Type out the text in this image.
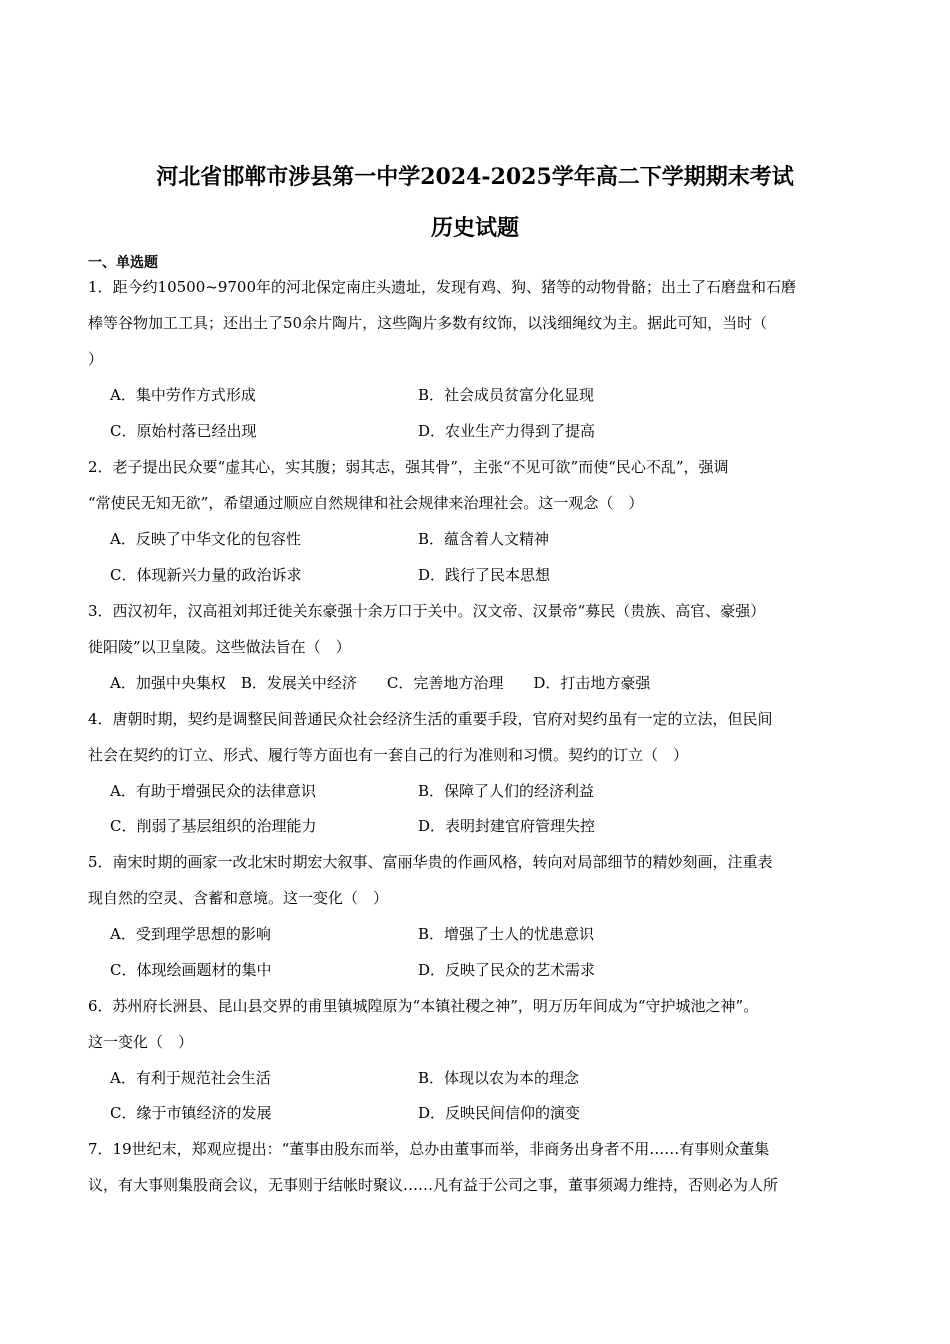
河北省邯郸市涉县第一中学2024-2025学年高二下学期期末考试
历史试题
一、单选题
1．距今约10500~9700年的河北保定南庄头遗址，发现有鸡、狗、猪等的动物骨骼；出土了石磨盘和石磨
棒等谷物加工工具；还出土了50余片陶片，这些陶片多数有纹饰，以浅细绳纹为主。据此可知，当时（
）
A．集中劳作方式形成	B．社会成员贫富分化显现
C．原始村落已经出现	D．农业生产力得到了提高
2．老子提出民众要“虚其心，实其腹；弱其志，强其骨”，主张“不见可欲”而使“民心不乱”，强调
“常使民无知无欲”，希望通过顺应自然规律和社会规律来治理社会。这一观念（　）
A．反映了中华文化的包容性	B．蕴含着人文精神
C．体现新兴力量的政治诉求	D．践行了民本思想
3．西汉初年，汉高祖刘邦迁徙关东豪强十余万口于关中。汉文帝、汉景帝“募民（贵族、高官、豪强）
徙阳陵”以卫皇陵。这些做法旨在（　）
A．加强中央集权　B．发展关中经济　　C．完善地方治理　　D．打击地方豪强
4．唐朝时期，契约是调整民间普通民众社会经济生活的重要手段，官府对契约虽有一定的立法，但民间
社会在契约的订立、形式、履行等方面也有一套自己的行为准则和习惯。契约的订立（　）
A．有助于增强民众的法律意识	B．保障了人们的经济利益
C．削弱了基层组织的治理能力	D．表明封建官府管理失控
5．南宋时期的画家一改北宋时期宏大叙事、富丽华贵的作画风格，转向对局部细节的精妙刻画，注重表
现自然的空灵、含蓄和意境。这一变化（　）
A．受到理学思想的影响	B．增强了士人的忧患意识
C．体现绘画题材的集中	D．反映了民众的艺术需求
6．苏州府长洲县、昆山县交界的甫里镇城隍原为“本镇社稷之神”，明万历年间成为“守护城池之神”。
这一变化（　）
A．有利于规范社会生活	B．体现以农为本的理念
C．缘于市镇经济的发展	D．反映民间信仰的演变
7．19世纪末，郑观应提出：“董事由股东而举，总办由董事而举，非商务出身者不用……有事则众董集
议，有大事则集股商会议，无事则于结帐时聚议……凡有益于公司之事，董事须竭力维持，否则必为人所
